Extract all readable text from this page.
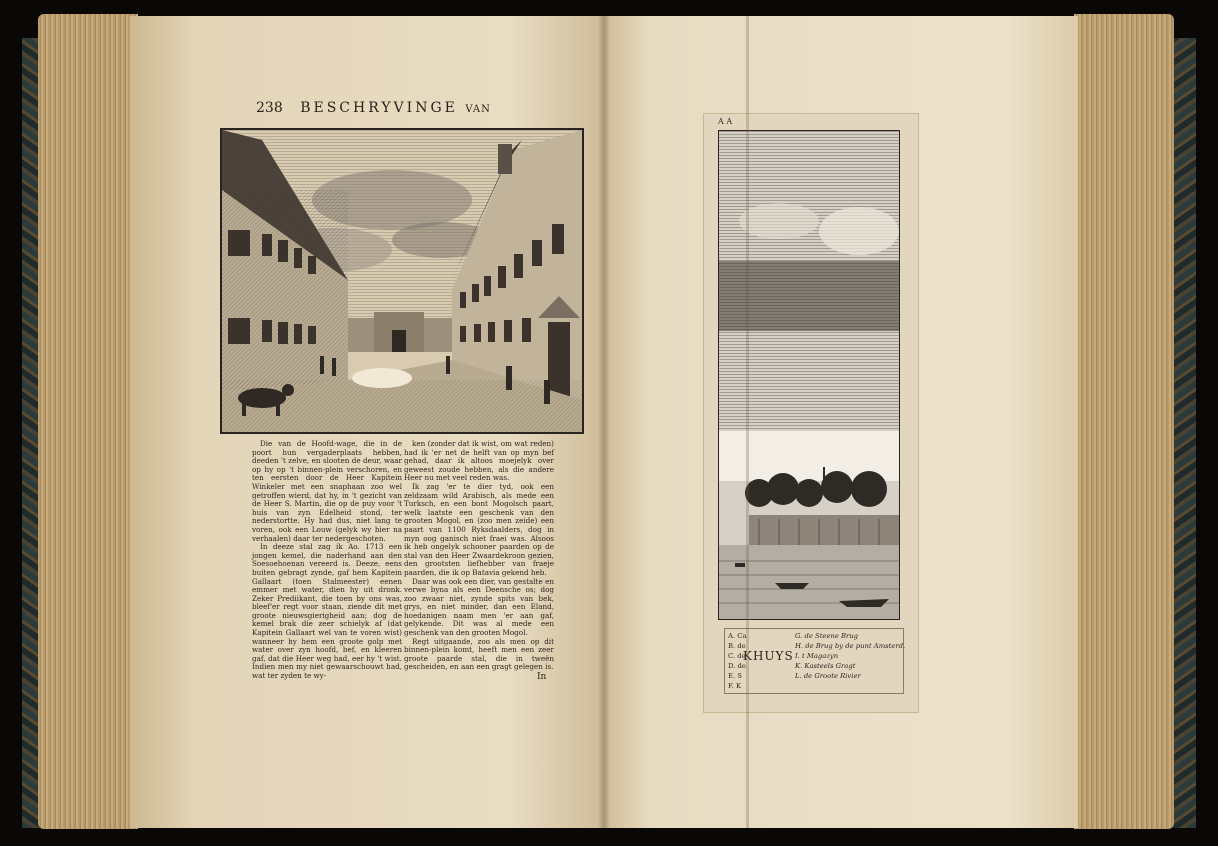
238 BESCHRYVINGE VAN

Die van de Hoofd-wage, die in de poort hun vergaderplaats hebben, deeden 't zelve, en slooten de deur, waar op hy op 't binnen-plein verschoren, en ten eersten door de Heer Kapitein Winkeler met een snaphaan zoo wel getroffen wierd, dat hy, in 't gezicht van de Heer S. Martin, die op de puy voor 't huis van zyn Edelheid stond, ter nederstortte. Hy had dus, niet lang te voren, ook een Louw (gelyk wy hier na verhaalen) daar ter nedergeschoten.

In deeze stal zag ik Ao. 1713 een jongen kemel, die naderhand aan den Soesoehoenan vereerd is. Deeze, eens buiten gebragt zynde, gaf hem Kapitein Gallaart (toen Stalmeester) eenen emmer met water, dien hy uit dronk. Zeker Prediikant, die toen by ons was, bleef'er regt voor staan, ziende dit met groote nieuwsgierigheid aan; dog de kemel brak die zeer schielyk af (dat Kapitein Gallaart wel van te voren wist) wanneer hy hem een groote golp met water over zyn hoofd, bef, en kleeren gaf, dat die Heer weg had, eer hy 't wist. Indien men my niet gewaarschouwt had, wat ter zyden te wy-

ken (zonder dat ik wist, om wat reden) had ik 'er net de helft van op myn bef gehad, daar ik altoos moejelyk over geweest zoude hebben, als die andere Heer nu met veel reden was.

Ik zag 'er te dier tyd, ook een zeldzaam wild Arabisch, als mede een Turksch, en een bont Mogolsch paart, welk laatste een geschenk van den grooten Mogol, en (zoo men zeide) een paart van 1100 Ryksdaalders, dog in myn oog ganisch niet fraei was. Alsoos ik heb ongelyk schooner paarden op de stal van den Heer Zwaardekroon gezien, den grootsten liefhebber van fraeje paarden, die ik op Batavia gekend heb.

Daar was ook een dier, van gestalte en verwe byna als een Deensche os; dog zoo zwaar niet, zynde spits van bek, grys, en niet minder, dan een Eland, hoedanigen naam men 'er aan gaf, gelykende. Dit was al mede een geschenk van den grooten Mogol.

Regt uitgaande, zoo als men op dit binnen-plein komt, heeft men een zeer groote paarde stal, die in tweën gescheiden, en aan een gragt gelegen is.

In
A A
A. Ca
B. de
C. de
D. de
E. S
F. K
KHUYS
G. de Steene Brug
H. de Brug by de punt Amsterd.
I. t Magazyn
K. Kasteels Gragt
L. de Groote Rivier
